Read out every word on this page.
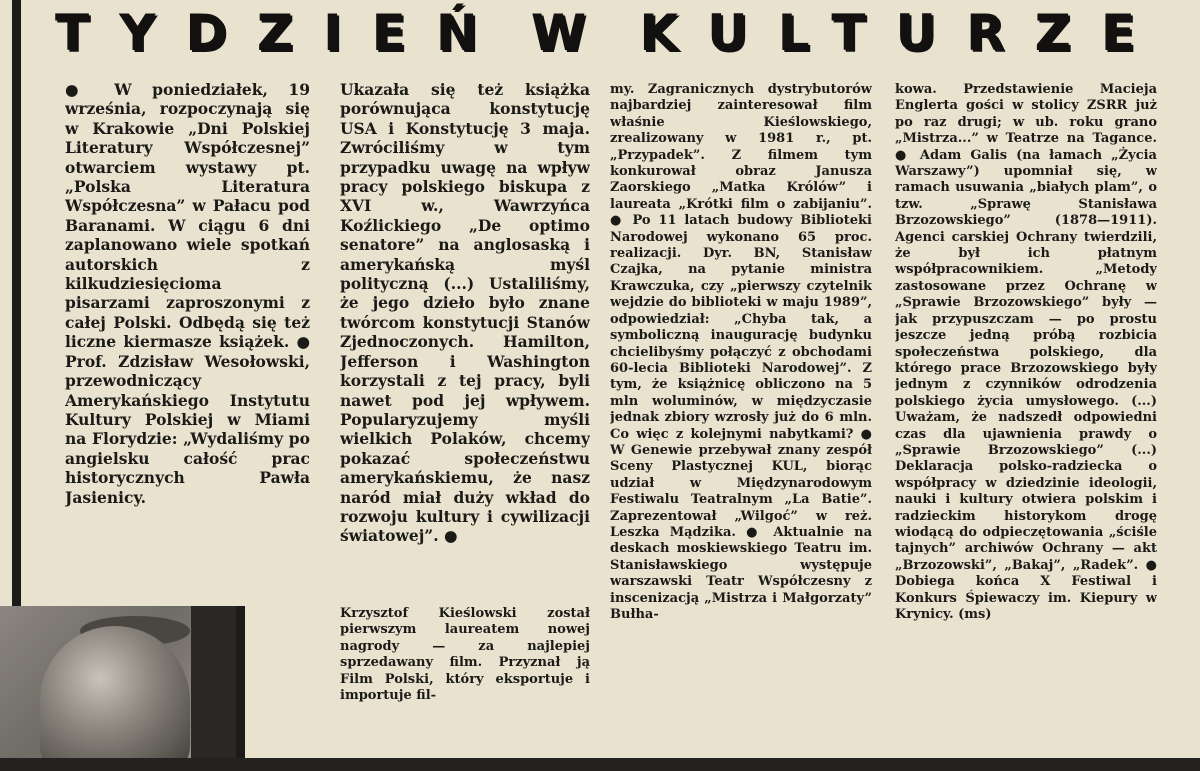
TYDZIEŃ W KULTURZE
● W poniedziałek, 19 września, rozpoczynają się w Krakowie „Dni Polskiej Literatury Współczesnej” otwarciem wystawy pt. „Polska Literatura Współczesna” w Pałacu pod Baranami. W ciągu 6 dni zaplanowano wiele spotkań autorskich z kilkudziesięcioma pisarzami zaproszonymi z całej Polski. Odbędą się też liczne kiermasze książek. ● Prof. Zdzisław Wesołowski, przewodniczący Amerykańskiego Instytutu Kultury Polskiej w Miami na Florydzie: „Wydaliśmy po angielsku całość prac historycznych Pawła Jasienicy.
Ukazała się też książka porównująca konstytucję USA i Konstytucję 3 maja. Zwróciliśmy w tym przypadku uwagę na wpływ pracy polskiego biskupa z XVI w., Wawrzyńca Koźlickiego „De optimo senatore” na anglosaską i amerykańską myśl polityczną (...) Ustaliliśmy, że jego dzieło było znane twórcom konstytucji Stanów Zjednoczonych. Hamilton, Jefferson i Washington korzystali z tej pracy, byli nawet pod jej wpływem. Popularyzujemy myśli wielkich Polaków, chcemy pokazać społeczeństwu amerykańskiemu, że nasz naród miał duży wkład do rozwoju kultury i cywilizacji światowej”. ●
Krzysztof Kieślowski został pierwszym laureatem nowej nagrody — za najlepiej sprzedawany film. Przyznał ją Film Polski, który eksportuje i importuje fil-
my. Zagranicznych dystrybutorów najbardziej zainteresował film właśnie Kieślowskiego, zrealizowany w 1981 r., pt. „Przypadek”. Z filmem tym konkurował obraz Janusza Zaorskiego „Matka Królów” i laureata „Krótki film o zabijaniu”. ● Po 11 latach budowy Biblioteki Narodowej wykonano 65 proc. realizacji. Dyr. BN, Stanisław Czajka, na pytanie ministra Krawczuka, czy „pierwszy czytelnik wejdzie do biblioteki w maju 1989”, odpowiedział: „Chyba tak, a symboliczną inaugurację budynku chcielibyśmy połączyć z obchodami 60-lecia Biblioteki Narodowej”. Z tym, że książnicę obliczono na 5 mln woluminów, w międzyczasie jednak zbiory wzrosły już do 6 mln. Co więc z kolejnymi nabytkami? ● W Genewie przebywał znany zespół Sceny Plastycznej KUL, biorąc udział w Międzynarodowym Festiwalu Teatralnym „La Batie”. Zaprezentował „Wilgoć” w reż. Leszka Mądzika. ● Aktualnie na deskach moskiewskiego Teatru im. Stanisławskiego występuje warszawski Teatr Współczesny z inscenizacją „Mistrza i Małgorzaty” Bułha-
kowa. Przedstawienie Macieja Englerta gości w stolicy ZSRR już po raz drugi; w ub. roku grano „Mistrza...” w Teatrze na Tagance. ● Adam Galis (na łamach „Życia Warszawy”) upomniał się, w ramach usuwania „białych plam”, o tzw. „Sprawę Stanisława Brzozowskiego” (1878—1911). Agenci carskiej Ochrany twierdzili, że był ich płatnym współpracownikiem. „Metody zastosowane przez Ochranę w „Sprawie Brzozowskiego” były — jak przypuszczam — po prostu jeszcze jedną próbą rozbicia społeczeństwa polskiego, dla którego prace Brzozowskiego były jednym z czynników odrodzenia polskiego życia umysłowego. (...) Uważam, że nadszedł odpowiedni czas dla ujawnienia prawdy o „Sprawie Brzozowskiego” (...) Deklaracja polsko-radziecka o współpracy w dziedzinie ideologii, nauki i kultury otwiera polskim i radzieckim historykom drogę wiodącą do odpieczętowania „ściśle tajnych” archiwów Ochrany — akt „Brzozowski”, „Bakaj”, „Radek”. ● Dobiega końca X Festiwal i Konkurs Śpiewaczy im. Kiepury w Krynicy. (ms)
